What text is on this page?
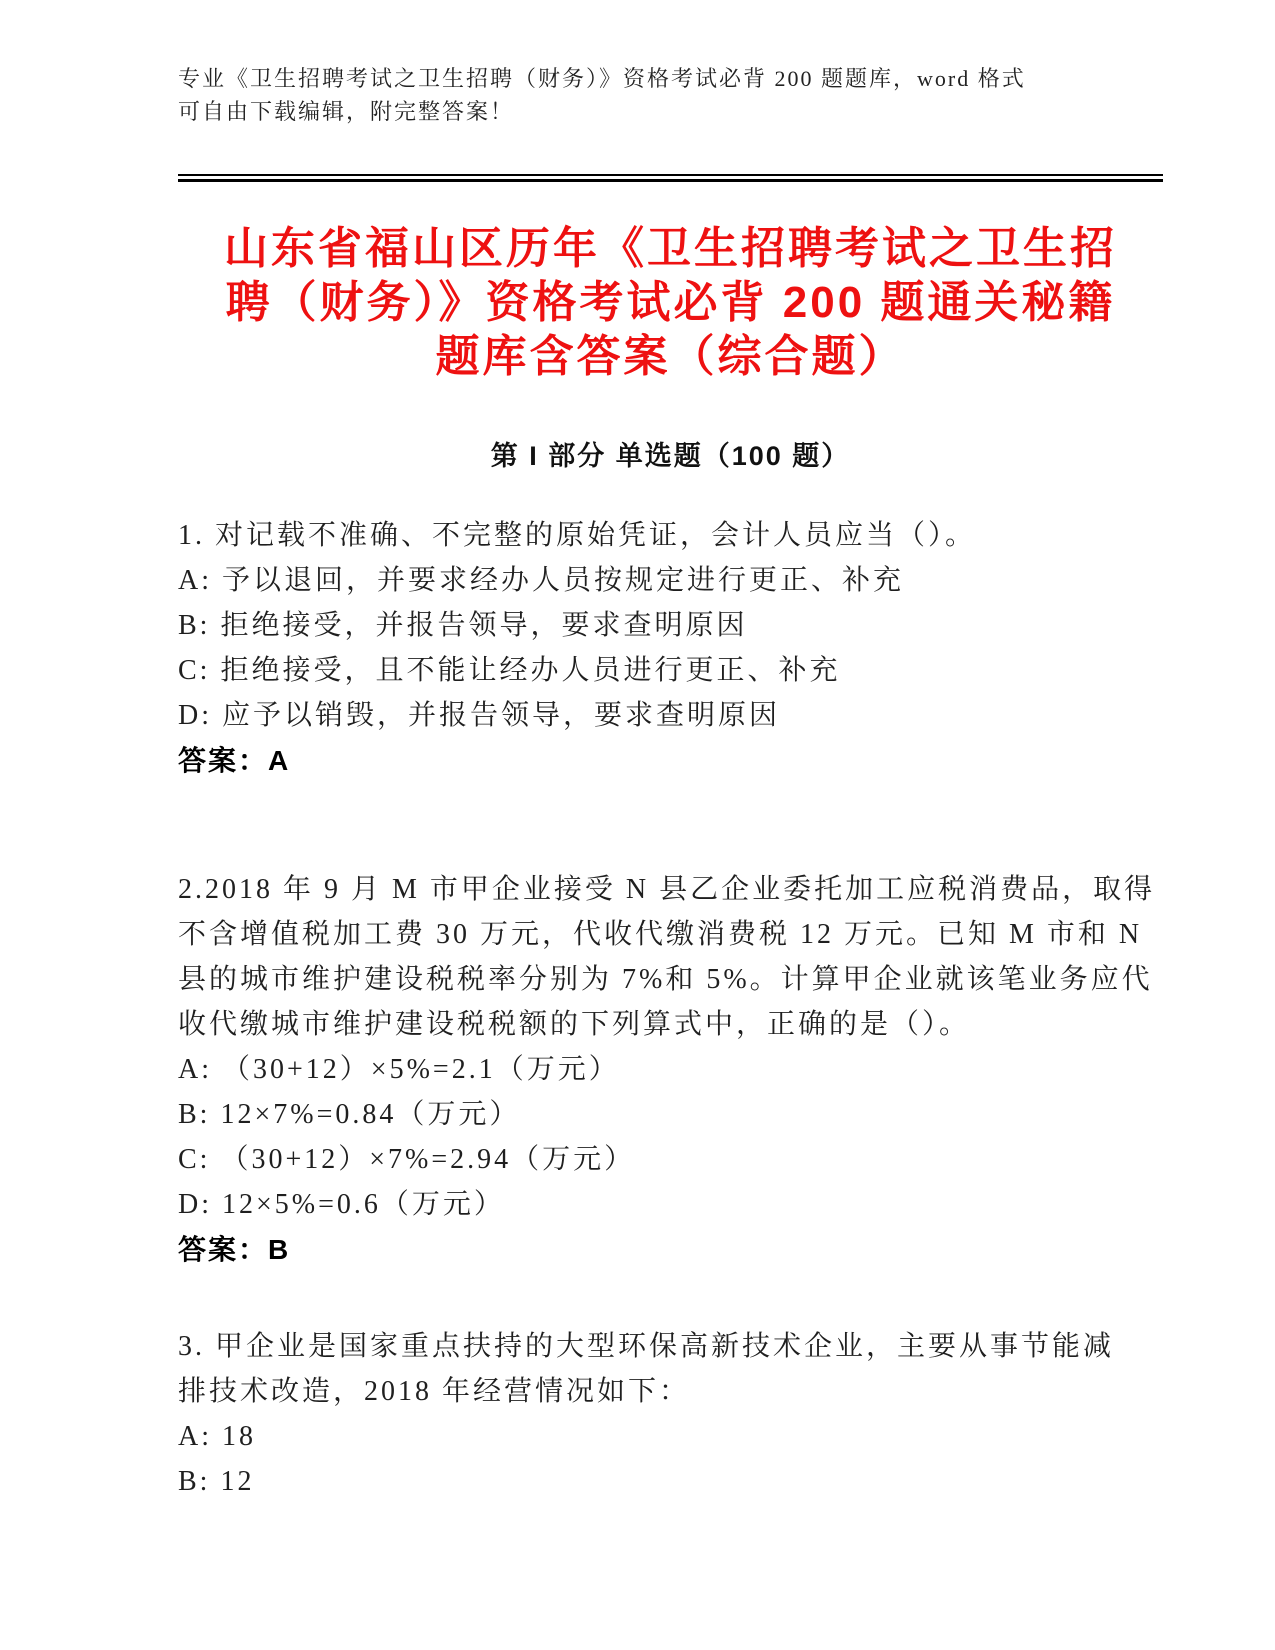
专业《卫生招聘考试之卫生招聘（财务）》资格考试必背 200 题题库，word 格式
可自由下载编辑，附完整答案！
山东省福山区历年《卫生招聘考试之卫生招
聘（财务）》资格考试必背 200 题通关秘籍
题库含答案（综合题）
第 I 部分 单选题（100 题）

1. 对记载不准确、不完整的原始凭证，会计人员应当（）。

A: 予以退回，并要求经办人员按规定进行更正、补充

B: 拒绝接受，并报告领导，要求查明原因

C: 拒绝接受，且不能让经办人员进行更正、补充

D: 应予以销毁，并报告领导，要求查明原因

答案：A

2.2018 年 9 月 M 市甲企业接受 N 县乙企业委托加工应税消费品，取得

不含增值税加工费 30 万元，代收代缴消费税 12 万元。已知 M 市和 N

县的城市维护建设税税率分别为 7%和 5%。计算甲企业就该笔业务应代

收代缴城市维护建设税税额的下列算式中，正确的是（）。

A: （30+12）×5%=2.1（万元）

B: 12×7%=0.84（万元）

C: （30+12）×7%=2.94（万元）

D: 12×5%=0.6（万元）

答案：B

3. 甲企业是国家重点扶持的大型环保高新技术企业，主要从事节能减

排技术改造，2018 年经营情况如下：

A: 18

B: 12
